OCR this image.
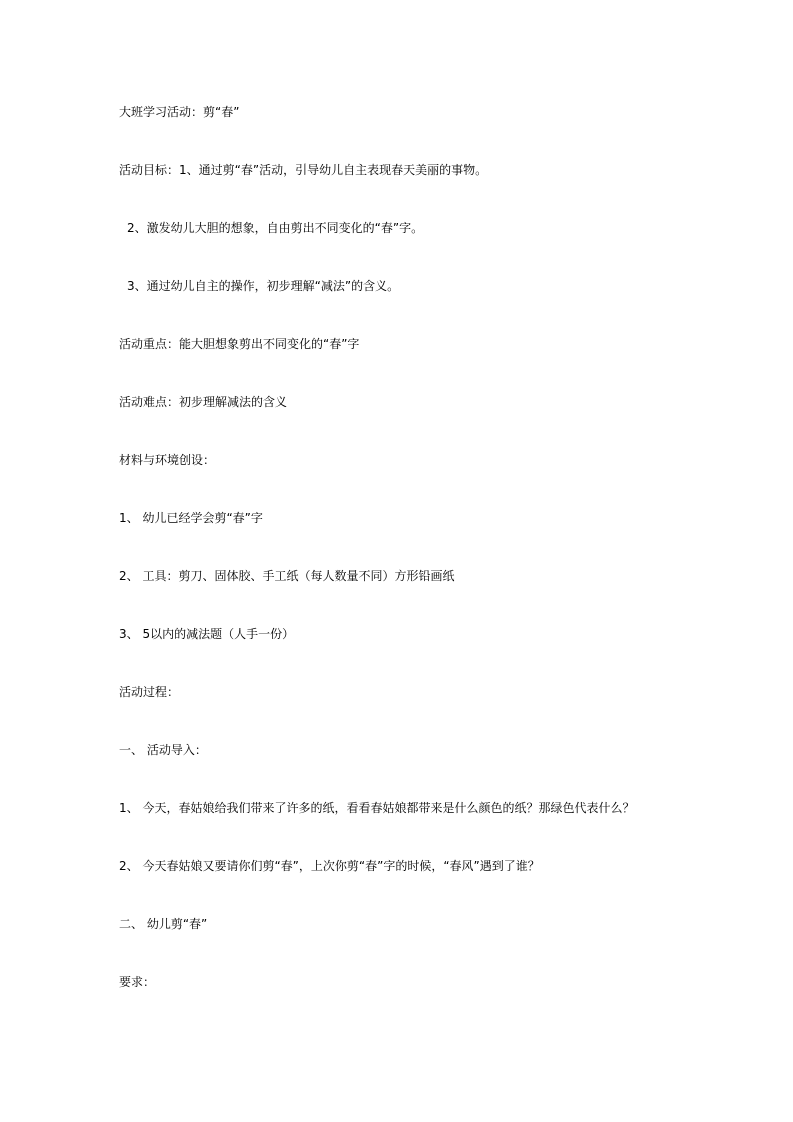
大班学习活动：剪“春”
活动目标：1、通过剪“春”活动，引导幼儿自主表现春天美丽的事物。
2、激发幼儿大胆的想象，自由剪出不同变化的“春”字。
3、通过幼儿自主的操作，初步理解“减法”的含义。
活动重点：能大胆想象剪出不同变化的“春”字
活动难点：初步理解减法的含义
材料与环境创设：
1、 幼儿已经学会剪“春”字
2、 工具：剪刀、固体胶、手工纸（每人数量不同）方形铅画纸
3、 5以内的减法题（人手一份）
活动过程：
一、 活动导入：
1、 今天，春姑娘给我们带来了许多的纸，看看春姑娘都带来是什么颜色的纸？那绿色代表什么？
2、 今天春姑娘又要请你们剪“春”，上次你剪“春”字的时候，“春风”遇到了谁？
二、 幼儿剪“春”
要求：
